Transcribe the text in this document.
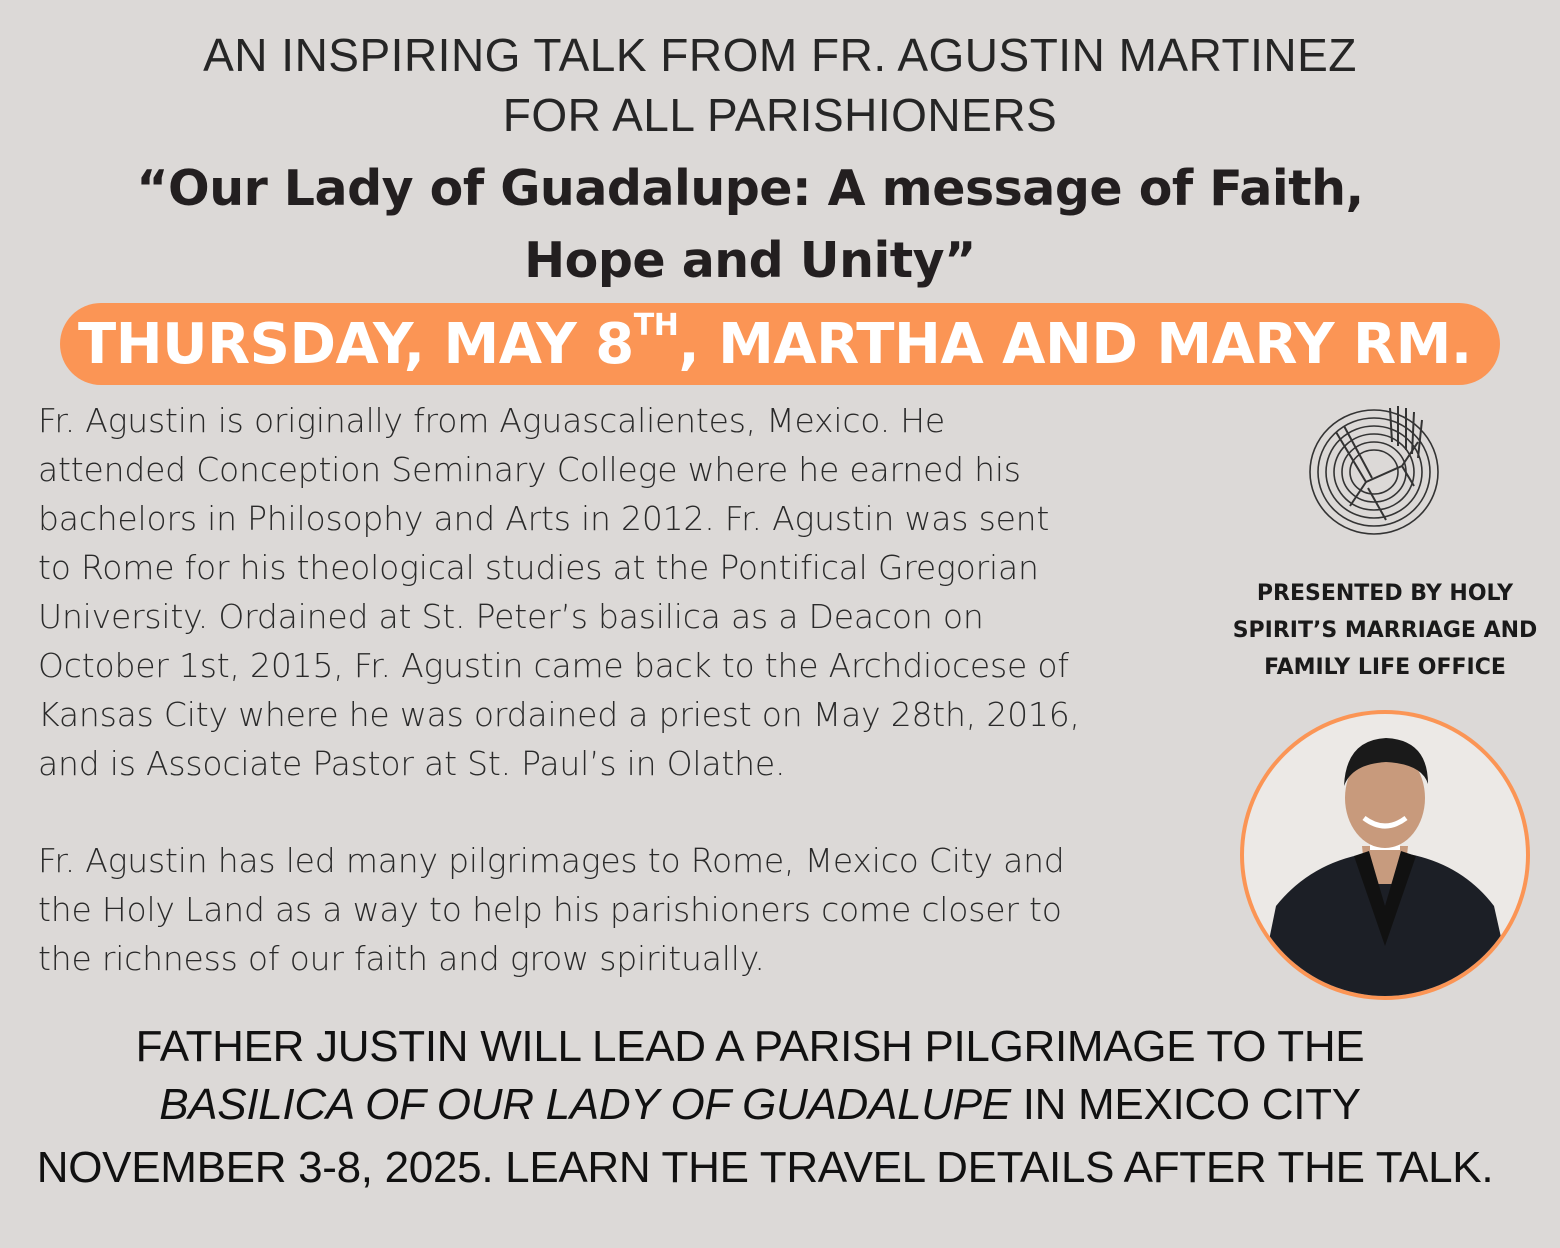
AN INSPIRING TALK FROM FR. AGUSTIN MARTINEZ
FOR ALL PARISHIONERS
“Our Lady of Guadalupe: A message of Faith,
Hope and Unity”
THURSDAY, MAY 8TH, MARTHA AND MARY RM.
Fr. Agustin is originally from Aguascalientes, Mexico. He
attended Conception Seminary College where he earned his
bachelors in Philosophy and Arts in 2012. Fr. Agustin was sent
to Rome for his theological studies at the Pontifical Gregorian
University. Ordained at St. Peter’s basilica as a Deacon on
October 1st, 2015, Fr. Agustin came back to the Archdiocese of
Kansas City where he was ordained a priest on May 28th, 2016,
and is Associate Pastor at St. Paul’s in Olathe.
Fr. Agustin has led many pilgrimages to Rome, Mexico City and
the Holy Land as a way to help his parishioners come closer to
the richness of our faith and grow spiritually.
PRESENTED BY HOLY
SPIRIT’S MARRIAGE AND
FAMILY LIFE OFFICE
FATHER JUSTIN WILL LEAD A PARISH PILGRIMAGE TO THE
BASILICA OF OUR LADY OF GUADALUPE IN MEXICO CITY
NOVEMBER 3-8, 2025. LEARN THE TRAVEL DETAILS AFTER THE TALK.
